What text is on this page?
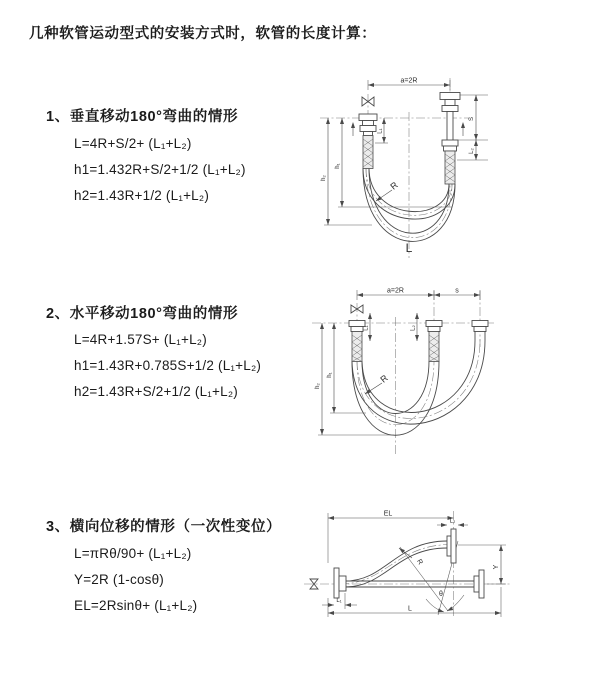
几种软管运动型式的安装方式时，软管的长度计算：
1、垂直移动180°弯曲的情形
L=4R+S/2+ (L₁+L₂)
h1=1.432R+S/2+1/2 (L₁+L₂)
h2=1.43R+1/2 (L₁+L₂)
2、水平移动180°弯曲的情形
L=4R+1.57S+ (L₁+L₂)
h1=1.43R+0.785S+1/2 (L₁+L₂)
h2=1.43R+S/2+1/2 (L₁+L₂)
3、横向位移的情形（一次性变位）
L=πRθ/90+ (L₁+L₂)
Y=2R (1-cosθ)
EL=2Rsinθ+ (L₁+L₂)
a=2R
h₂
h₁
L₁
S
L₂
R
L
a=2R	s
h₂
h₁
L₁	L₂
R
θ
EL
L₂
Y
L
L₁
R
